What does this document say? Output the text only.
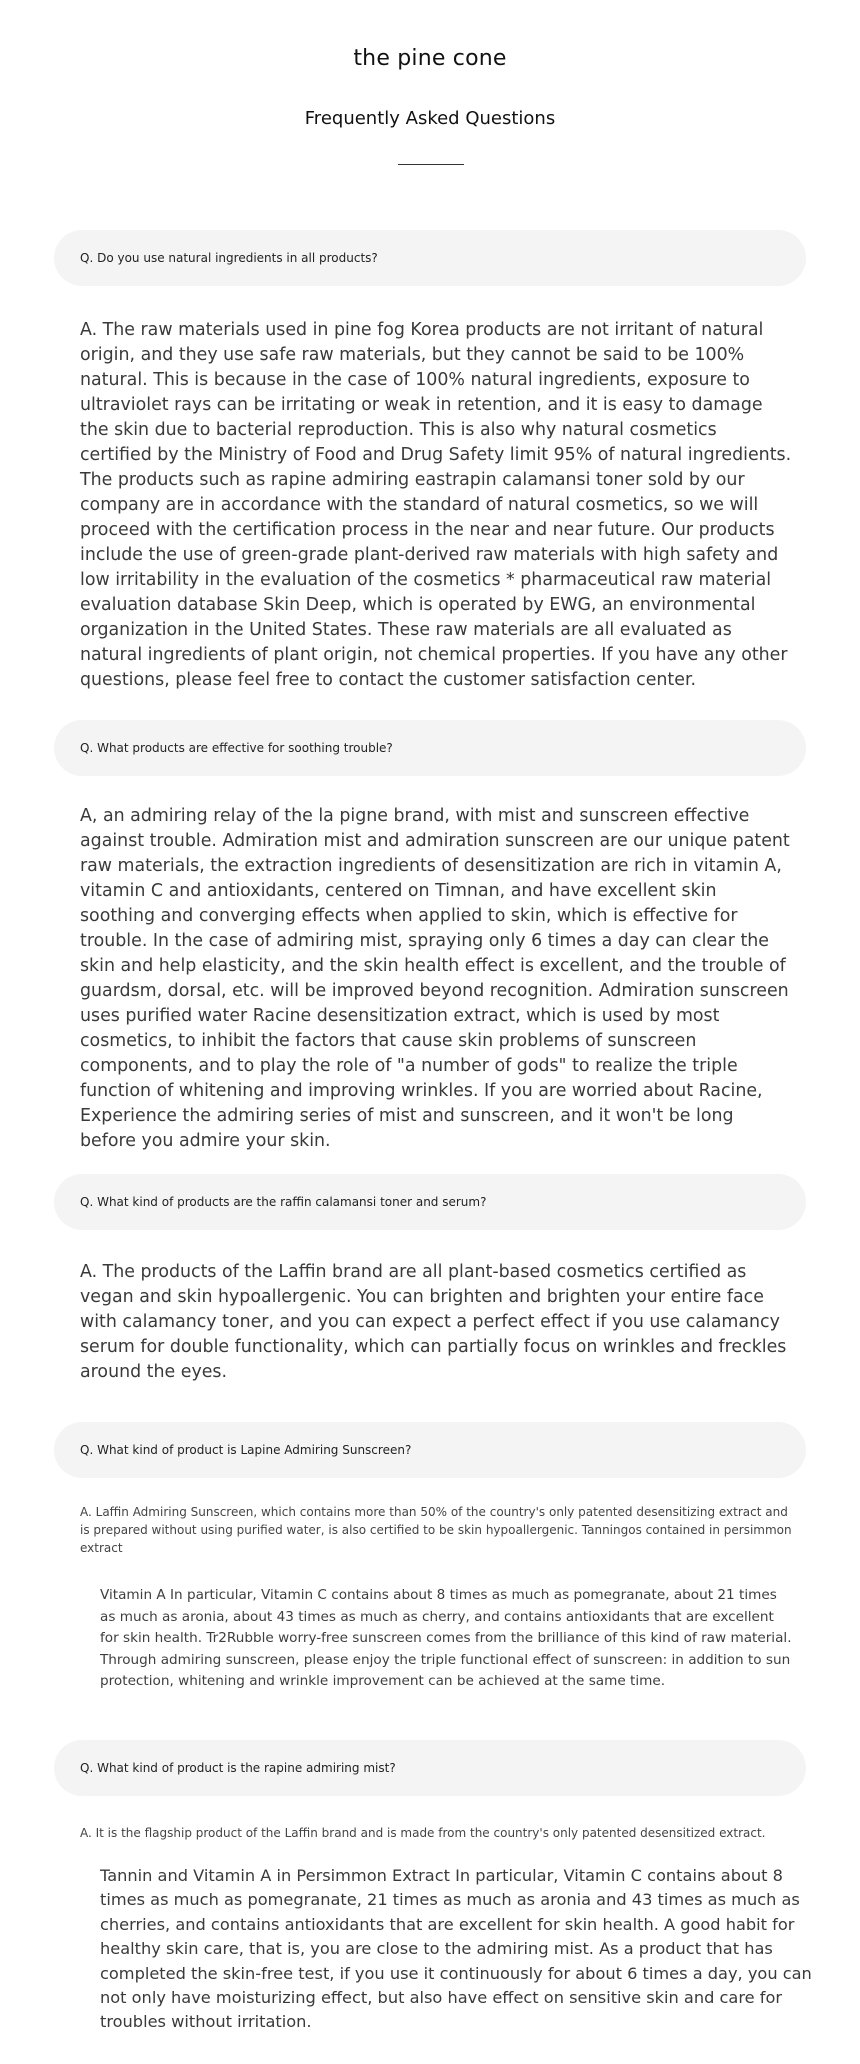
the pine cone
Frequently Asked Questions
Q. Do you use natural ingredients in all products?
A. The raw materials used in pine fog Korea products are not irritant of natural origin, and they use safe raw materials, but they cannot be said to be 100% natural. This is because in the case of 100% natural ingredients, exposure to ultraviolet rays can be irritating or weak in retention, and it is easy to damage the skin due to bacterial reproduction. This is also why natural cosmetics certified by the Ministry of Food and Drug Safety limit 95% of natural ingredients. The products such as rapine admiring eastrapin calamansi toner sold by our company are in accordance with the standard of natural cosmetics, so we will proceed with the certification process in the near and near future. Our products include the use of green-grade plant-derived raw materials with high safety and low irritability in the evaluation of the cosmetics * pharmaceutical raw material evaluation database Skin Deep, which is operated by EWG, an environmental organization in the United States. These raw materials are all evaluated as natural ingredients of plant origin, not chemical properties. If you have any other questions, please feel free to contact the customer satisfaction center.
Q. What products are effective for soothing trouble?
A, an admiring relay of the la pigne brand, with mist and sunscreen effective against trouble. Admiration mist and admiration sunscreen are our unique patent raw materials, the extraction ingredients of desensitization are rich in vitamin A, vitamin C and antioxidants, centered on Timnan, and have excellent skin soothing and converging effects when applied to skin, which is effective for trouble. In the case of admiring mist, spraying only 6 times a day can clear the skin and help elasticity, and the skin health effect is excellent, and the trouble of guardsm, dorsal, etc. will be improved beyond recognition. Admiration sunscreen uses purified water Racine desensitization extract, which is used by most cosmetics, to inhibit the factors that cause skin problems of sunscreen components, and to play the role of "a number of gods" to realize the triple function of whitening and improving wrinkles. If you are worried about Racine, Experience the admiring series of mist and sunscreen, and it won't be long before you admire your skin.
Q. What kind of products are the raffin calamansi toner and serum?
A. The products of the Laffin brand are all plant-based cosmetics certified as vegan and skin hypoallergenic. You can brighten and brighten your entire face with calamancy toner, and you can expect a perfect effect if you use calamancy serum for double functionality, which can partially focus on wrinkles and freckles around the eyes.
Q. What kind of product is Lapine Admiring Sunscreen?
A. Laffin Admiring Sunscreen, which contains more than 50% of the country's only patented desensitizing extract and is prepared without using purified water, is also certified to be skin hypoallergenic. Tanningos contained in persimmon extract
Vitamin A In particular, Vitamin C contains about 8 times as much as pomegranate, about 21 times as much as aronia, about 43 times as much as cherry, and contains antioxidants that are excellent for skin health. Tr2Rubble worry-free sunscreen comes from the brilliance of this kind of raw material. Through admiring sunscreen, please enjoy the triple functional effect of sunscreen: in addition to sun protection, whitening and wrinkle improvement can be achieved at the same time.
Q. What kind of product is the rapine admiring mist?
A. It is the flagship product of the Laffin brand and is made from the country's only patented desensitized extract.
Tannin and Vitamin A in Persimmon Extract In particular, Vitamin C contains about 8 times as much as pomegranate, 21 times as much as aronia and 43 times as much as cherries, and contains antioxidants that are excellent for skin health. A good habit for healthy skin care, that is, you are close to the admiring mist. As a product that has completed the skin-free test, if you use it continuously for about 6 times a day, you can not only have moisturizing effect, but also have effect on sensitive skin and care for troubles without irritation.
